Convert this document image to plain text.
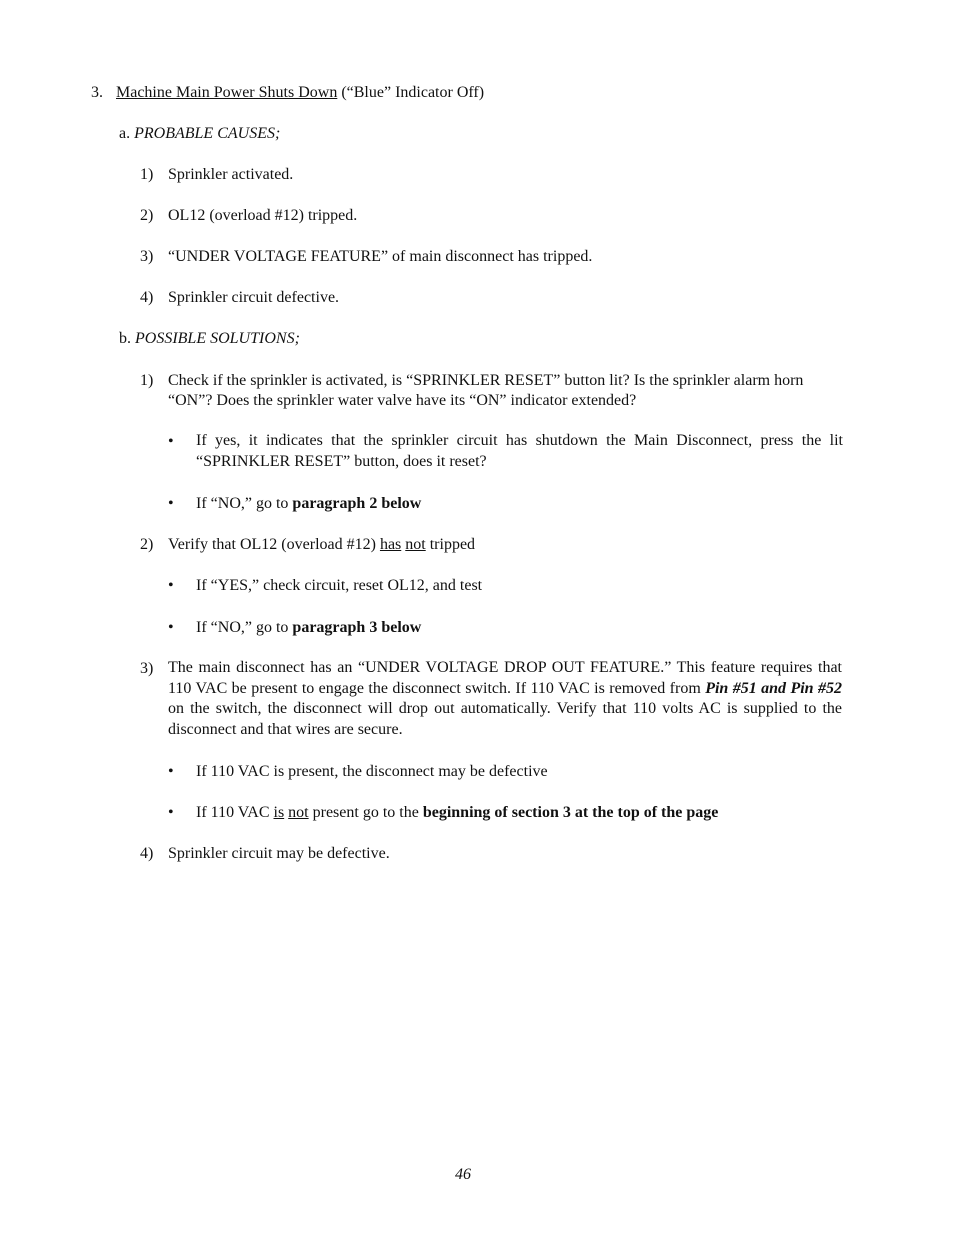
3. Machine Main Power Shuts Down (“Blue” Indicator Off)
a. PROBABLE CAUSES;
1) Sprinkler activated.
2) OL12 (overload #12) tripped.
3) “UNDER VOLTAGE FEATURE” of main disconnect has tripped.
4) Sprinkler circuit defective.
b. POSSIBLE SOLUTIONS;
1) Check if the sprinkler is activated, is “SPRINKLER RESET” button lit? Is the sprinkler alarm horn
“ON”? Does the sprinkler water valve have its “ON” indicator extended?
• If yes, it indicates that the sprinkler circuit has shutdown the Main Disconnect, press the lit “SPRINKLER RESET” button, does it reset?
• If “NO,” go to paragraph 2 below
2) Verify that OL12 (overload #12) has not tripped
• If “YES,” check circuit, reset OL12, and test
• If “NO,” go to paragraph 3 below
3) The main disconnect has an “UNDER VOLTAGE DROP OUT FEATURE.” This feature requires that 110 VAC be present to engage the disconnect switch. If 110 VAC is removed from Pin #51 and Pin #52 on the switch, the disconnect will drop out automatically. Verify that 110 volts AC is supplied to the disconnect and that wires are secure.
• If 110 VAC is present, the disconnect may be defective
• If 110 VAC is not present go to the beginning of section 3 at the top of the page
4) Sprinkler circuit may be defective.
46
